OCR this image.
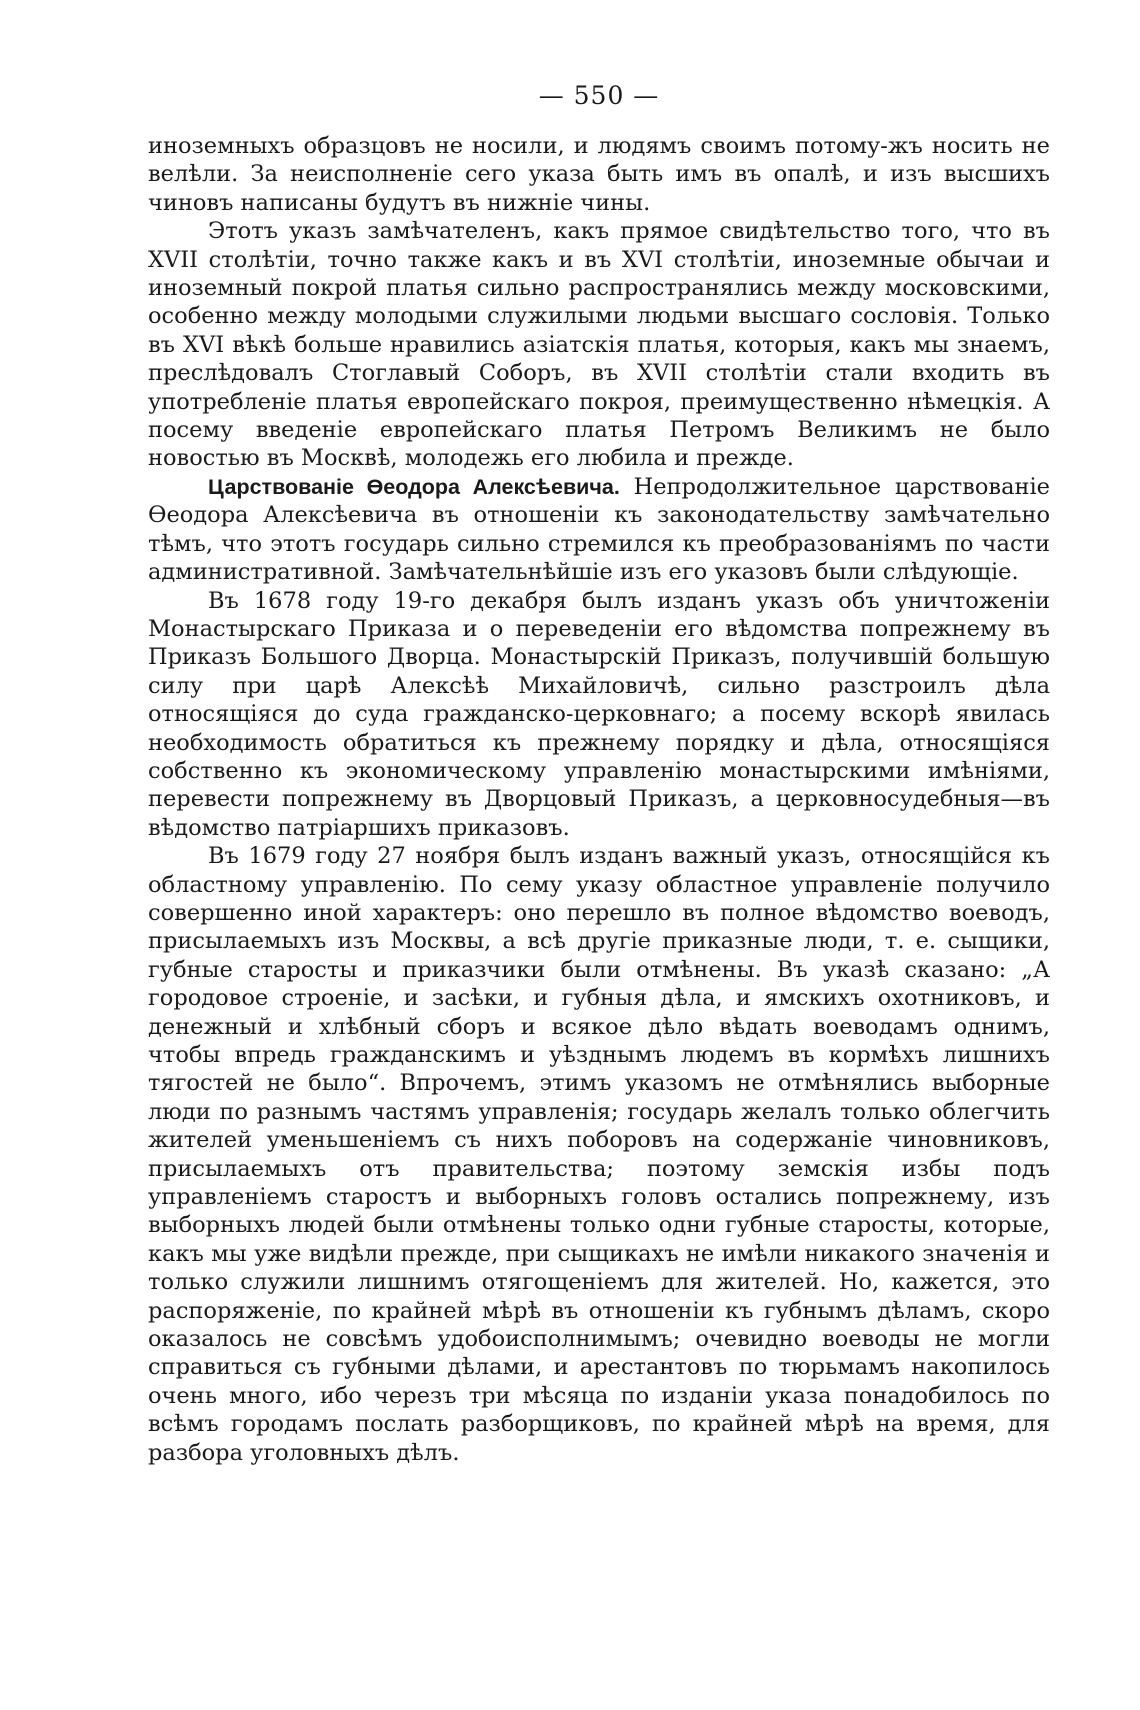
— 550 —

иноземныхъ образцовъ не носили, и людямъ своимъ потому-жъ носить не велѣли. За неисполненіе сего указа быть имъ въ опалѣ, и изъ высшихъ чиновъ написаны будутъ въ нижніе чины.

Этотъ указъ замѣчателенъ, какъ прямое свидѣтельство того, что въ XVII столѣтіи, точно также какъ и въ XVI столѣтіи, иноземные обычаи и иноземный покрой платья сильно распространялись между московскими, особенно между молодыми служилыми людьми высшаго сословія. Только въ XVI вѣкѣ больше нравились азіатскія платья, которыя, какъ мы знаемъ, преслѣдовалъ Стоглавый Соборъ, въ XVII столѣтіи стали входить въ употребленіе платья европейскаго покроя, преимущественно нѣмецкія. А посему введеніе европейскаго платья Петромъ Великимъ не было новостью въ Москвѣ, молодежь его любила и прежде.

Царствованіе Өеодора Алексѣевича. Непродолжительное царствованіе Өеодора Алексѣевича въ отношеніи къ законодательству замѣчательно тѣмъ, что этотъ государь сильно стремился къ преобразованіямъ по части административной. Замѣчательнѣйшіе изъ его указовъ были слѣдующіе.

Въ 1678 году 19-го декабря былъ изданъ указъ объ уничтоженіи Монастырскаго Приказа и о переведеніи его вѣдомства попрежнему въ Приказъ Большого Дворца. Монастырскій Приказъ, получившій большую силу при царѣ Алексѣѣ Михайловичѣ, сильно разстроилъ дѣла относящіяся до суда гражданско-церковнаго; а посему вскорѣ явилась необходимость обратиться къ прежнему порядку и дѣла, относящіяся собственно къ экономическому управленію монастырскими имѣніями, перевести попрежнему въ Дворцовый Приказъ, а церковносудебныя—въ вѣдомство патріаршихъ приказовъ.

Въ 1679 году 27 ноября былъ изданъ важный указъ, относящійся къ областному управленію. По сему указу областное управленіе получило совершенно иной характеръ: оно перешло въ полное вѣдомство воеводъ, присылаемыхъ изъ Москвы, а всѣ другіе приказные люди, т. е. сыщики, губные старосты и приказчики были отмѣнены. Въ указѣ сказано: „А городовое строеніе, и засѣки, и губныя дѣла, и ямскихъ охотниковъ, и денежный и хлѣбный сборъ и всякое дѣло вѣдать воеводамъ однимъ, чтобы впредь гражданскимъ и уѣзднымъ людемъ въ кормѣхъ лишнихъ тягостей не было“. Впрочемъ, этимъ указомъ не отмѣнялись выборные люди по разнымъ частямъ управленія; государь желалъ только облегчить жителей уменьшеніемъ съ нихъ поборовъ на содержаніе чиновниковъ, присылаемыхъ отъ правительства; поэтому земскія избы подъ управленіемъ старостъ и выборныхъ головъ остались попрежнему, изъ выборныхъ людей были отмѣнены только одни губные старосты, которые, какъ мы уже видѣли прежде, при сыщикахъ не имѣли никакого значенія и только служили лишнимъ отягощеніемъ для жителей. Но, кажется, это распоряженіе, по крайней мѣрѣ въ отношеніи къ губнымъ дѣламъ, скоро оказалось не совсѣмъ удобоисполнимымъ; очевидно воеводы не могли справиться съ губными дѣлами, и арестантовъ по тюрьмамъ накопилось очень много, ибо черезъ три мѣсяца по изданіи указа понадобилось по всѣмъ городамъ послать разборщиковъ, по крайней мѣрѣ на время, для разбора уголовныхъ дѣлъ.
